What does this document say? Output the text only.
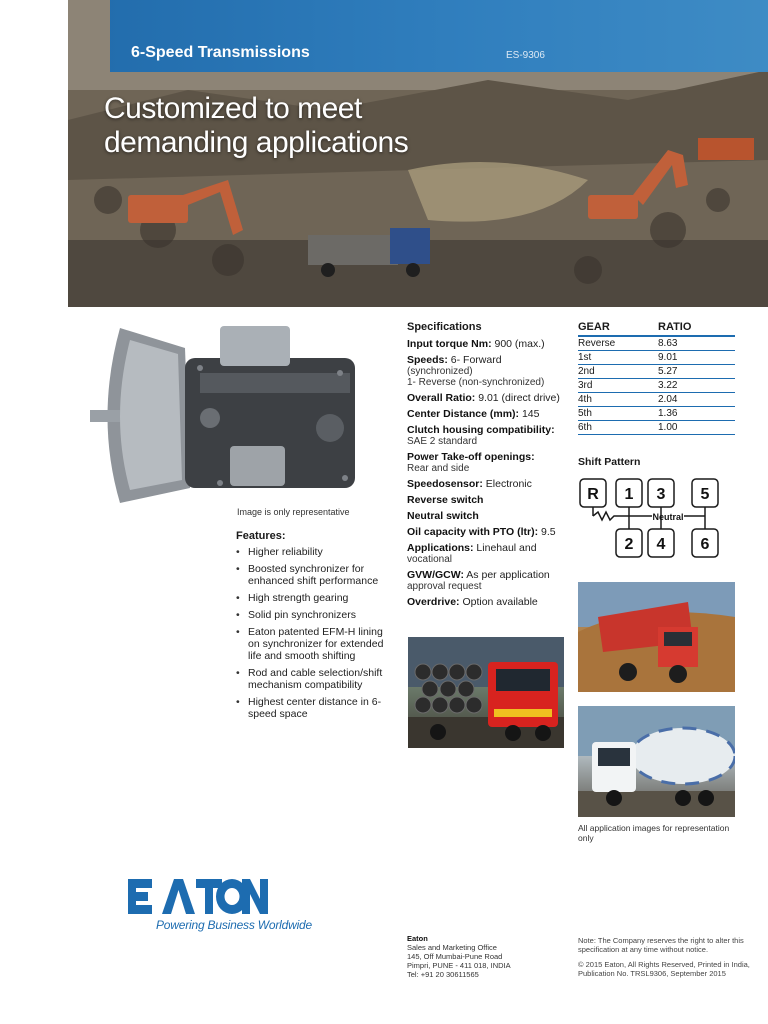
6-Speed Transmissions	ES-9306
Customized to meet
demanding applications
Image is only representative
Features:
• Higher reliability
• Boosted synchronizer for enhanced shift performance
• High strength gearing
• Solid pin synchronizers
• Eaton patented EFM-H lining on synchronizer for extended life and smooth shifting
• Rod and cable selection/shift mechanism compatibility
• Highest center distance in 6-speed space
Specifications
Input torque Nm: 900 (max.)
Speeds: 6- Forward
(synchronized)
1- Reverse (non-synchronized)
Overall Ratio: 9.01 (direct drive)
Center Distance (mm): 145
Clutch housing compatibility:
SAE 2 standard
Power Take-off openings:
Rear and side
Speedosensor: Electronic
Reverse switch
Neutral switch
Oil capacity with PTO (ltr): 9.5
Applications: Linehaul and
vocational
GVW/GCW: As per application
approval request
Overdrive: Option available
GEAR	RATIO
Reverse	8.63
1st	9.01
2nd	5.27
3rd	3.22
4th	2.04
5th	1.36
6th	1.00
Shift Pattern
R 1 3 5
2 4 6
Neutral
All application images for representation only
Powering Business Worldwide
Eaton
Sales and Marketing Office
145, Off Mumbai-Pune Road
Pimpri, PUNE - 411 018, INDIA
Tel: +91 20 30611565
Note: The Company reserves the right to alter this specification at any time without notice.
© 2015 Eaton, All Rights Reserved, Printed in India, Publication No. TRSL9306, September 2015
